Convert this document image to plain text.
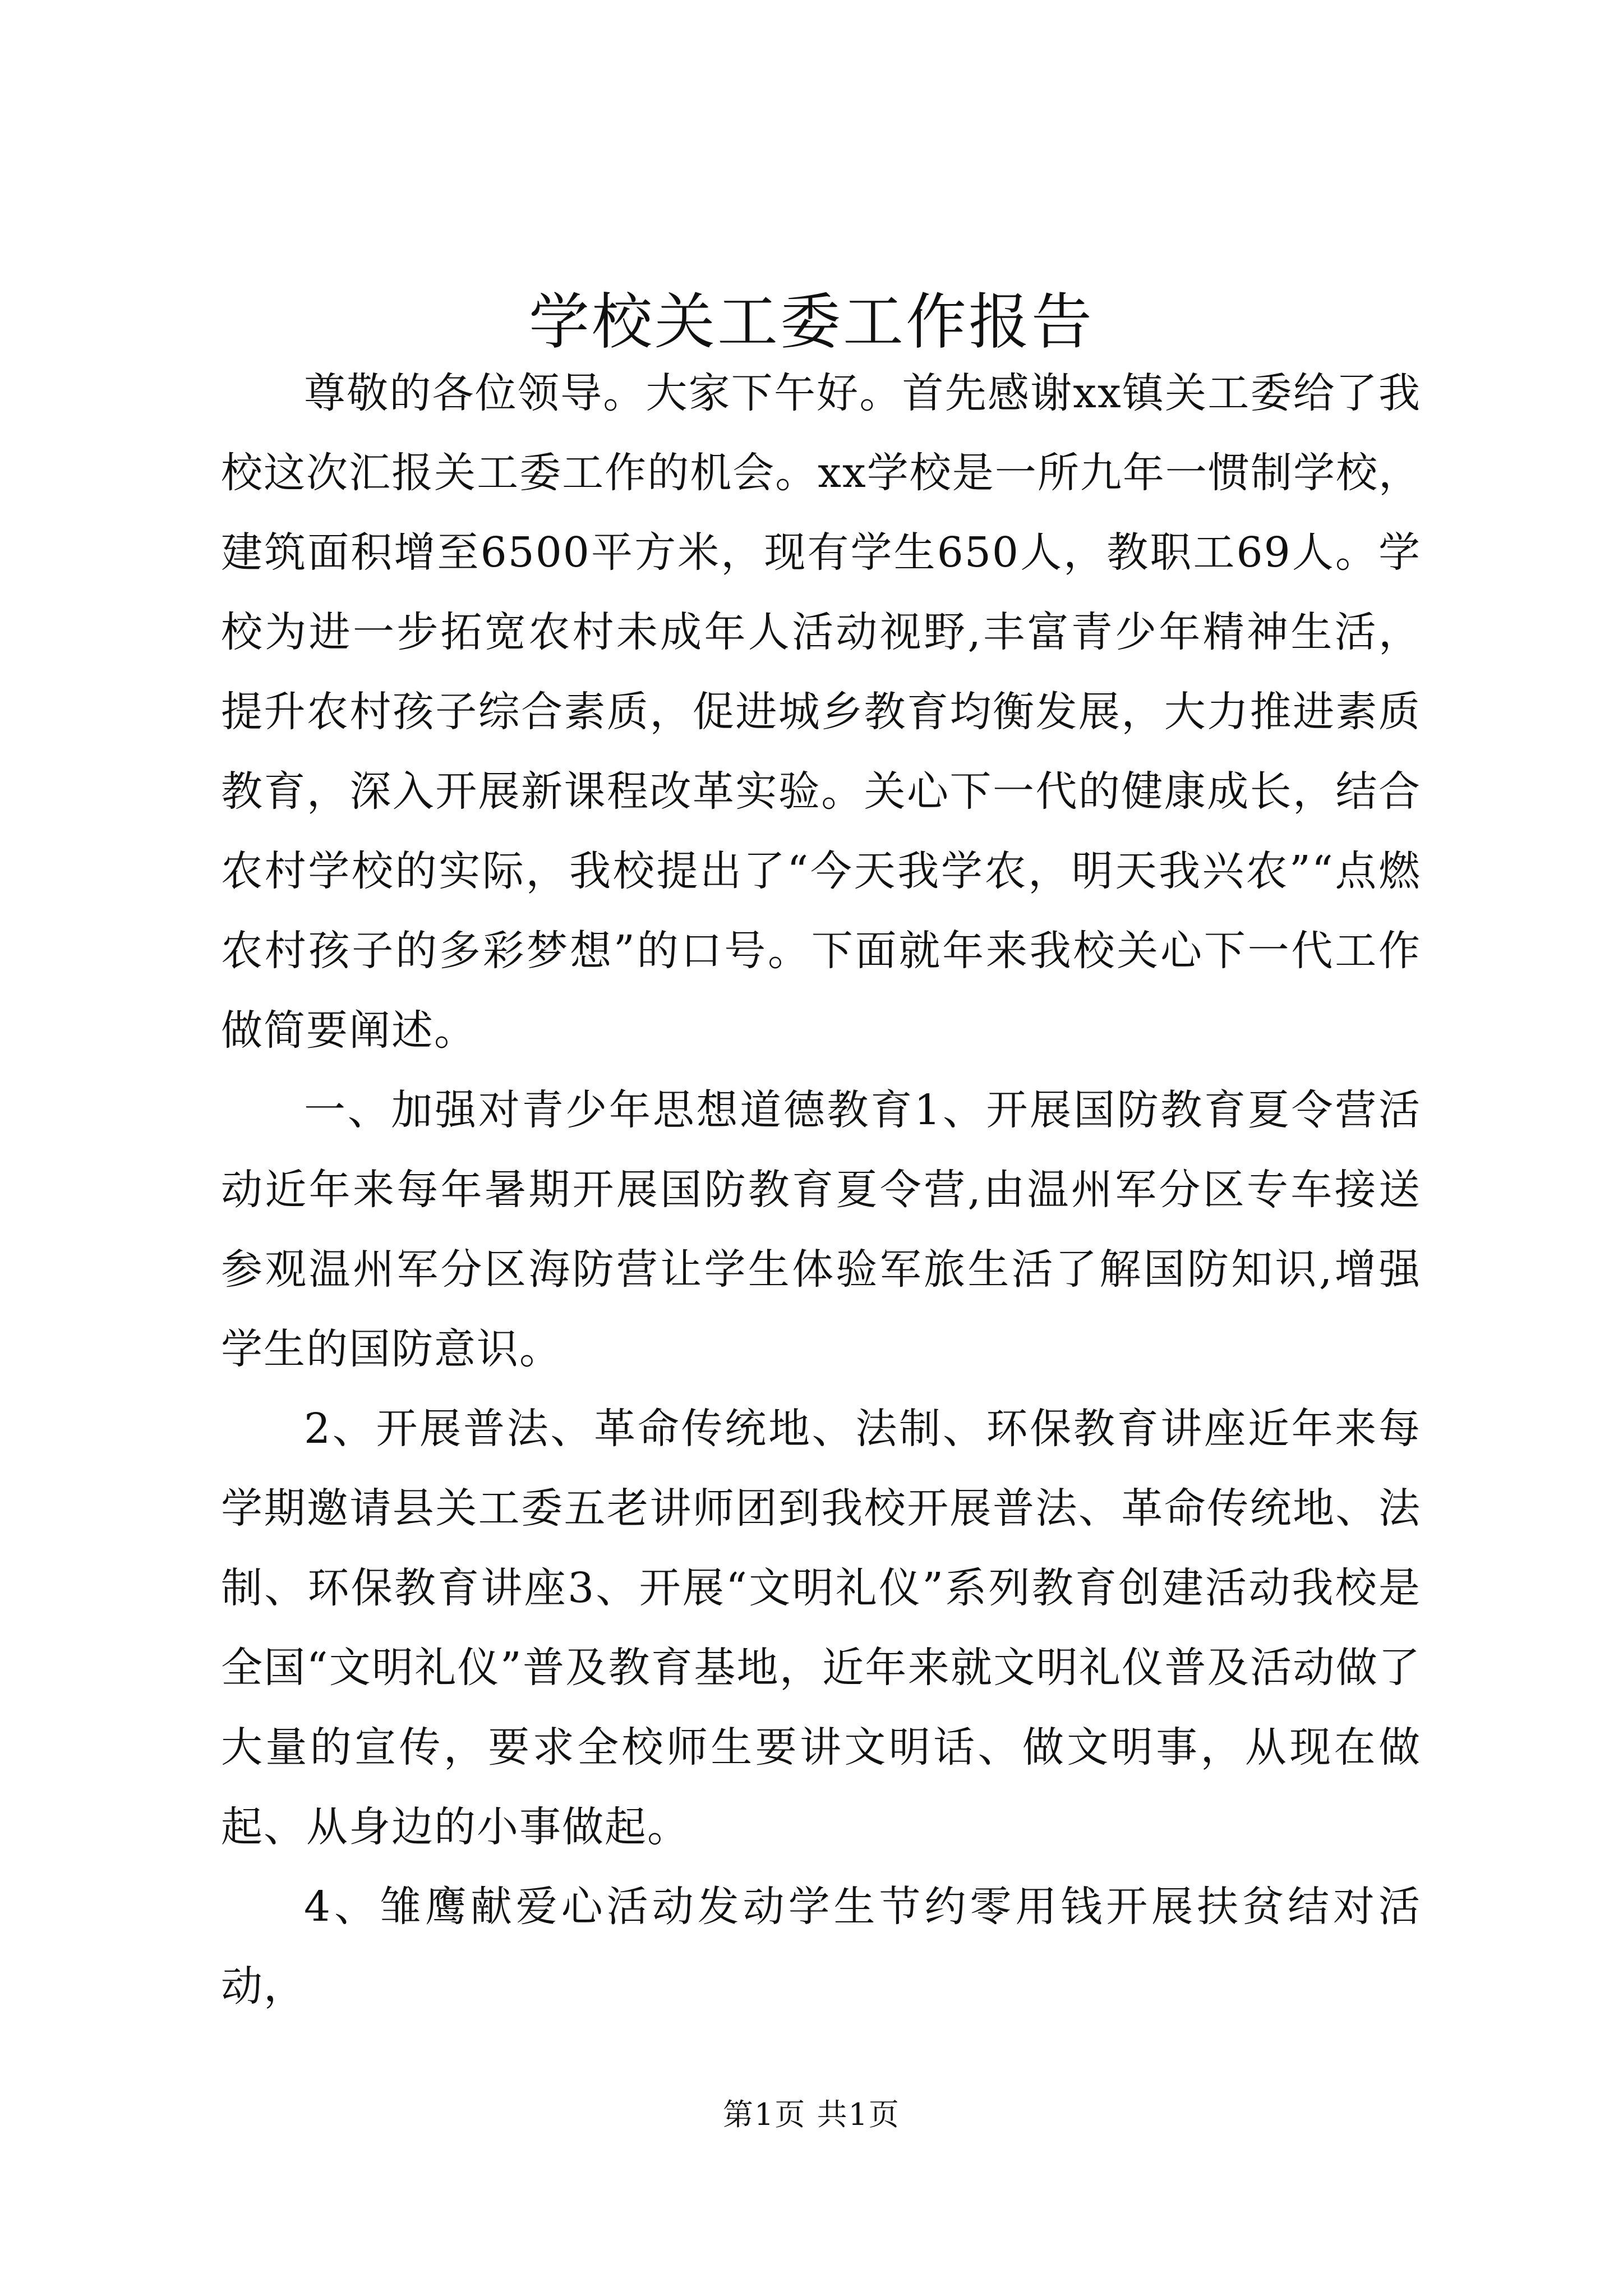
学校关工委工作报告

尊敬的各位领导。大家下午好。首先感谢xx镇关工委给了我校这次汇报关工委工作的机会。xx学校是一所九年一惯制学校，建筑面积增至6500平方米，现有学生650人，教职工69人。学校为进一步拓宽农村未成年人活动视野,丰富青少年精神生活，提升农村孩子综合素质，促进城乡教育均衡发展，大力推进素质教育，深入开展新课程改革实验。关心下一代的健康成长，结合农村学校的实际，我校提出了“今天我学农，明天我兴农”“点燃农村孩子的多彩梦想”的口号。下面就年来我校关心下一代工作做简要阐述。

一、加强对青少年思想道德教育1、开展国防教育夏令营活动近年来每年暑期开展国防教育夏令营,由温州军分区专车接送参观温州军分区海防营让学生体验军旅生活了解国防知识,增强学生的国防意识。

2、开展普法、革命传统地、法制、环保教育讲座近年来每学期邀请县关工委五老讲师团到我校开展普法、革命传统地、法制、环保教育讲座3、开展“文明礼仪”系列教育创建活动我校是全国“文明礼仪”普及教育基地，近年来就文明礼仪普及活动做了大量的宣传，要求全校师生要讲文明话、做文明事，从现在做起、从身边的小事做起。

4、雏鹰献爱心活动发动学生节约零用钱开展扶贫结对活动，

第1页 共1页
